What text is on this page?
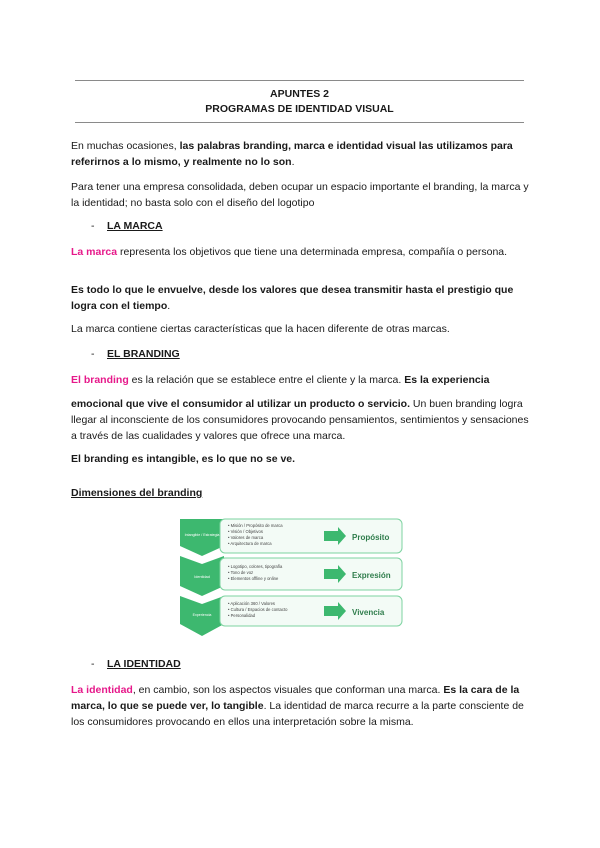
APUNTES 2
PROGRAMAS DE IDENTIDAD VISUAL
En muchas ocasiones, las palabras branding, marca e identidad visual las utilizamos para referirnos a lo mismo, y realmente no lo son.
Para tener una empresa consolidada, deben ocupar un espacio importante el branding, la marca y la identidad; no basta solo con el diseño del logotipo
- LA MARCA
La marca representa los objetivos que tiene una determinada empresa, compañía o persona.
Es todo lo que le envuelve, desde los valores que desea transmitir hasta el prestigio que logra con el tiempo.
La marca contiene ciertas características que la hacen diferente de otras marcas.
- EL BRANDING
El branding es la relación que se establece entre el cliente y la marca. Es la experiencia
emocional que vive el consumidor al utilizar un producto o servicio. Un buen branding logra llegar al inconsciente de los consumidores provocando pensamientos, sentimientos y sensaciones a través de las cualidades y valores que ofrece una marca.
El branding es intangible, es lo que no se ve.
Dimensiones del branding
Intangible / Estrategia
Identidad
Experiencia
• Misión / Propósito de marca
• Visión / Objetivos
• Valores de marca
• Arquitectura de marca
Propósito
• Logotipo, colores, tipografía
• Tono de voz
• Elementos offline y online	Expresión
• Aplicación 360 / Valores
• Cultura / Espacios de contacto
• Personalidad	Vivencia
- LA IDENTIDAD
La identidad, en cambio, son los aspectos visuales que conforman una marca. Es la cara de la marca, lo que se puede ver, lo tangible. La identidad de marca recurre a la parte consciente de los consumidores provocando en ellos una interpretación sobre la misma.
